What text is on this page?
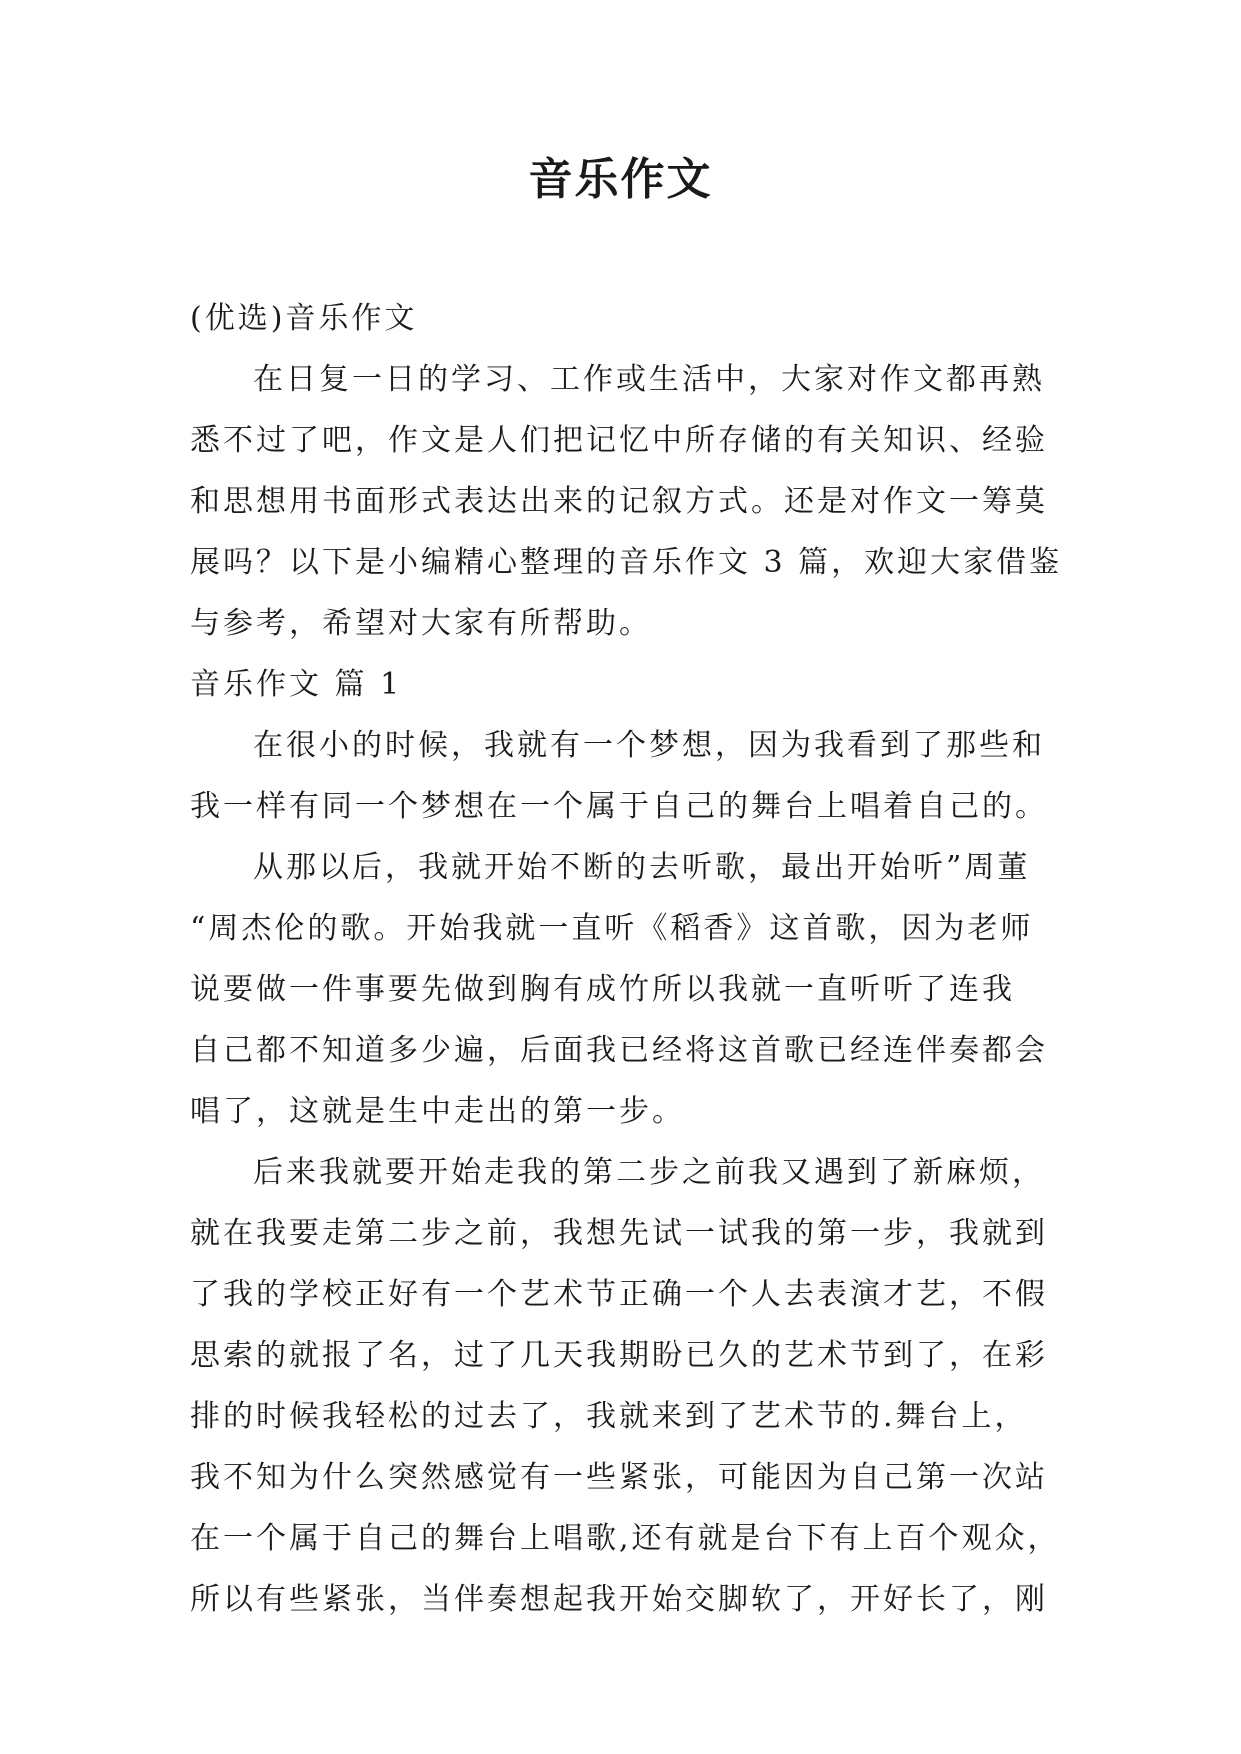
音乐作文
(优选)音乐作文
在日复一日的学习、工作或生活中，大家对作文都再熟
悉不过了吧，作文是人们把记忆中所存储的有关知识、经验
和思想用书面形式表达出来的记叙方式。还是对作文一筹莫
展吗？以下是小编精心整理的音乐作文 3 篇，欢迎大家借鉴
与参考，希望对大家有所帮助。
音乐作文 篇 1
在很小的时候，我就有一个梦想，因为我看到了那些和
我一样有同一个梦想在一个属于自己的舞台上唱着自己的。
从那以后，我就开始不断的去听歌，最出开始听”周董
“周杰伦的歌。开始我就一直听《稻香》这首歌，因为老师
说要做一件事要先做到胸有成竹所以我就一直听听了连我
自己都不知道多少遍，后面我已经将这首歌已经连伴奏都会
唱了，这就是生中走出的第一步。
后来我就要开始走我的第二步之前我又遇到了新麻烦，
就在我要走第二步之前，我想先试一试我的第一步，我就到
了我的学校正好有一个艺术节正确一个人去表演才艺，不假
思索的就报了名，过了几天我期盼已久的艺术节到了，在彩
排的时候我轻松的过去了，我就来到了艺术节的.舞台上，
我不知为什么突然感觉有一些紧张，可能因为自己第一次站
在一个属于自己的舞台上唱歌,还有就是台下有上百个观众，
所以有些紧张，当伴奏想起我开始交脚软了，开好长了，刚
